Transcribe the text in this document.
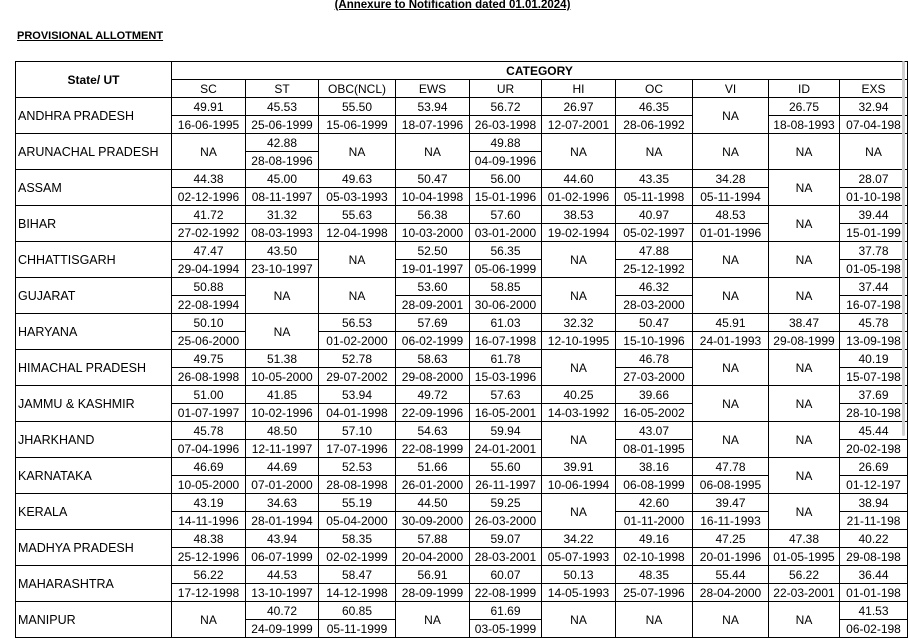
(Annexure to Notification dated 01.01.2024)
PROVISIONAL ALLOTMENT
State/ UT	CATEGORY									
	SC	ST	OBC(NCL)	EWS	UR	HI	OC	VI	ID	EXS
ANDHRA PRADESH	49.91	45.53	55.50	53.94	56.72	26.97	46.35	NA	26.75	32.94
	16-06-1995	25-06-1999	15-06-1999	18-07-1996	26-03-1998	12-07-2001	28-06-1992		18-08-1993	07-04-198
ARUNACHAL PRADESH	NA	42.88	NA	NA	49.88	NA	NA	NA	NA	NA
		28-08-1996			04-09-1996					
ASSAM	44.38	45.00	49.63	50.47	56.00	44.60	43.35	34.28	NA	28.07
	02-12-1996	08-11-1997	05-03-1993	10-04-1998	15-01-1996	01-02-1996	05-11-1998	05-11-1994		01-10-198
BIHAR	41.72	31.32	55.63	56.38	57.60	38.53	40.97	48.53	NA	39.44
	27-02-1992	08-03-1993	12-04-1998	10-03-2000	03-01-2000	19-02-1994	05-02-1997	01-01-1996		15-01-199
CHHATTISGARH	47.47	43.50	NA	52.50	56.35	NA	47.88	NA	NA	37.78
	29-04-1994	23-10-1997		19-01-1997	05-06-1999		25-12-1992			01-05-198
GUJARAT	50.88	NA	NA	53.60	58.85	NA	46.32	NA	NA	37.44
	22-08-1994			28-09-2001	30-06-2000		28-03-2000			16-07-198
HARYANA	50.10	NA	56.53	57.69	61.03	32.32	50.47	45.91	38.47	45.78
	25-06-2000		01-02-2000	06-02-1999	16-07-1998	12-10-1995	15-10-1996	24-01-1993	29-08-1999	13-09-198
HIMACHAL PRADESH	49.75	51.38	52.78	58.63	61.78	NA	46.78	NA	NA	40.19
	26-08-1998	10-05-2000	29-07-2002	29-08-2000	15-03-1996		27-03-2000			15-07-198
JAMMU & KASHMIR	51.00	41.85	53.94	49.72	57.63	40.25	39.66	NA	NA	37.69
	01-07-1997	10-02-1996	04-01-1998	22-09-1996	16-05-2001	14-03-1992	16-05-2002			28-10-198
JHARKHAND	45.78	48.50	57.10	54.63	59.94	NA	43.07	NA	NA	45.44
	07-04-1996	12-11-1997	17-07-1996	22-08-1999	24-01-2001		08-01-1995			20-02-198
KARNATAKA	46.69	44.69	52.53	51.66	55.60	39.91	38.16	47.78	NA	26.69
	10-05-2000	07-01-2000	28-08-1998	26-01-2000	26-11-1997	10-06-1994	06-08-1999	06-08-1995		01-12-197
KERALA	43.19	34.63	55.19	44.50	59.25	NA	42.60	39.47	NA	38.94
	14-11-1996	28-01-1994	05-04-2000	30-09-2000	26-03-2000		01-11-2000	16-11-1993		21-11-198
MADHYA PRADESH	48.38	43.94	58.35	57.88	59.07	34.22	49.16	47.25	47.38	40.22
	25-12-1996	06-07-1999	02-02-1999	20-04-2000	28-03-2001	05-07-1993	02-10-1998	20-01-1996	01-05-1995	29-08-198
MAHARASHTRA	56.22	44.53	58.47	56.91	60.07	50.13	48.35	55.44	56.22	36.44
	17-12-1998	13-10-1997	14-12-1998	28-09-1999	22-08-1999	14-05-1993	25-07-1996	28-04-2000	22-03-2001	01-01-198
MANIPUR	NA	40.72	60.85	NA	61.69	NA	NA	NA	NA	41.53
		24-09-1999	05-11-1999		03-05-1999					06-02-198
